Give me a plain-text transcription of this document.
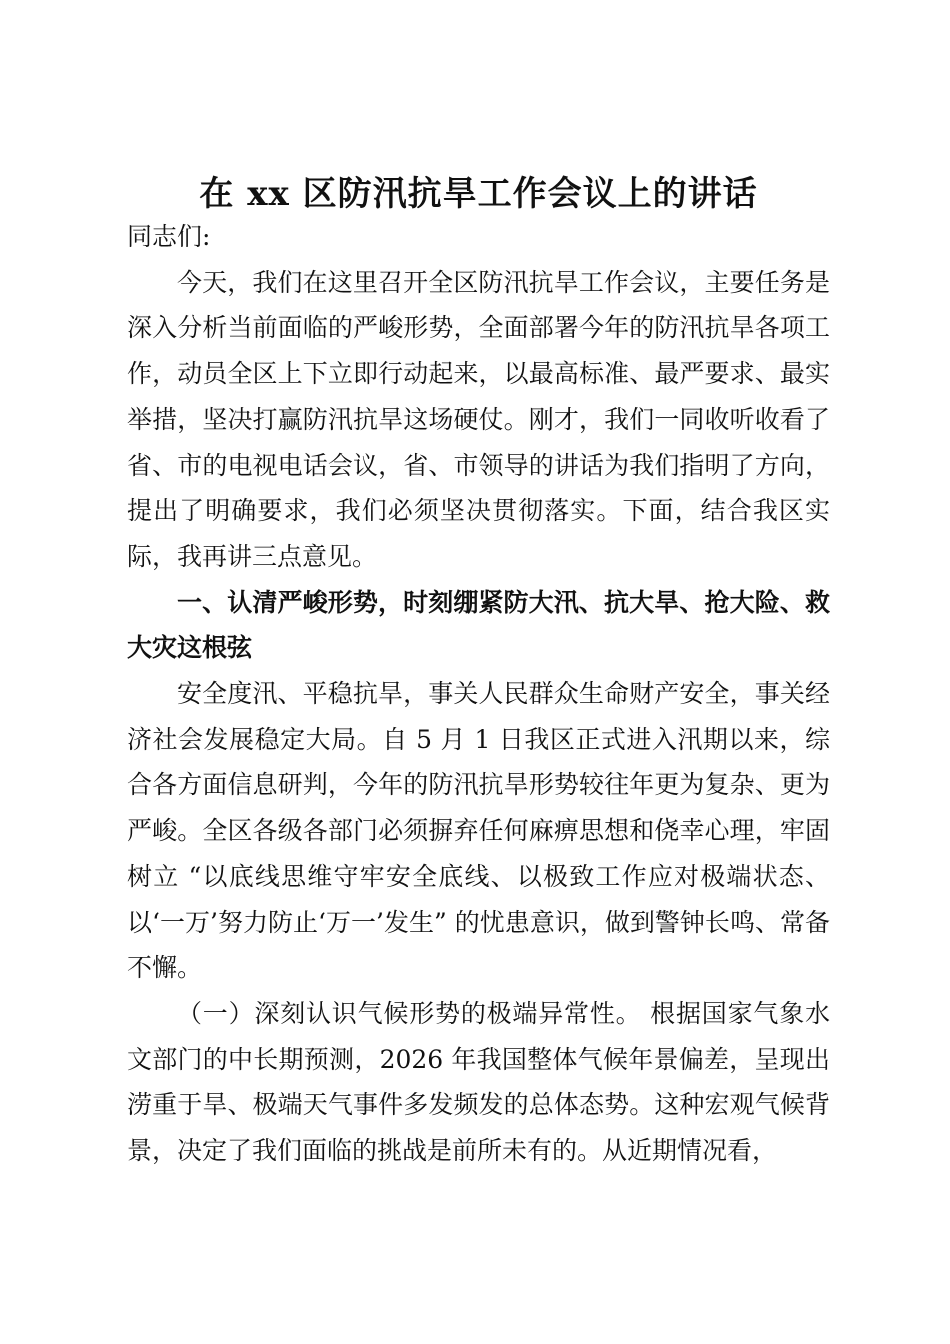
在 xx 区防汛抗旱工作会议上的讲话

同志们:

今天，我们在这里召开全区防汛抗旱工作会议，主要任务是深入分析当前面临的严峻形势，全面部署今年的防汛抗旱各项工作，动员全区上下立即行动起来，以最高标准、最严要求、最实举措，坚决打赢防汛抗旱这场硬仗。刚才，我们一同收听收看了省、市的电视电话会议，省、市领导的讲话为我们指明了方向，提出了明确要求，我们必须坚决贯彻落实。下面，结合我区实际，我再讲三点意见。

一、认清严峻形势，时刻绷紧防大汛、抗大旱、抢大险、救大灾这根弦

安全度汛、平稳抗旱，事关人民群众生命财产安全，事关经济社会发展稳定大局。自 5 月 1 日我区正式进入汛期以来，综合各方面信息研判，今年的防汛抗旱形势较往年更为复杂、更为严峻。全区各级各部门必须摒弃任何麻痹思想和侥幸心理，牢固树立 “以底线思维守牢安全底线、以极致工作应对极端状态、以‘一万’努力防止‘万一’发生” 的忧患意识，做到警钟长鸣、常备不懈。

（一）深刻认识气候形势的极端异常性。 根据国家气象水文部门的中长期预测，2026 年我国整体气候年景偏差，呈现出涝重于旱、极端天气事件多发频发的总体态势。这种宏观气候背景，决定了我们面临的挑战是前所未有的。从近期情况看，
